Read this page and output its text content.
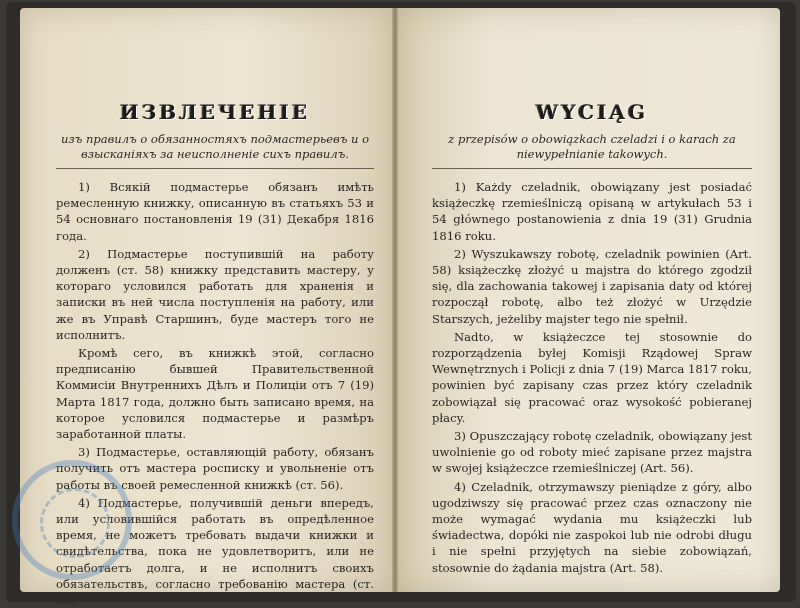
ИЗВЛЕЧЕНІЕ
изъ правилъ о обязанностяхъ подмастерьевъ и о взысканіяхъ за неисполненіе сихъ правилъ.

1) Всякій подмастерье обязанъ имѣть ремесленную книжку, описанную въ статьяхъ 53 и 54 основнаго постановленія 19 (31) Декабря 1816 года.

2) Подмастерье поступившій на работу долженъ (ст. 58) книжку представить мастеру, у котораго условился работать для храненія и записки въ ней числа поступленія на работу, или же въ Управѣ Старшинъ, буде мастеръ того не исполнитъ.

Кромѣ сего, въ книжкѣ этой, согласно предписанію бывшей Правительственной Коммисіи Внутреннихъ Дѣлъ и Полиціи отъ 7 (19) Марта 1817 года, должно быть записано время, на которое условился подмастерье и размѣръ заработанной платы.

3) Подмастерье, оставляющій работу, обязанъ получить отъ мастера росписку и увольненіе отъ работы въ своей ремесленной книжкѣ (ст. 56).

4) Подмастерье, получившій деньги впередъ, или условившійся работать въ опредѣленное время, не можетъ требовать выдачи книжки и свидѣтельства, пока не удовлетворитъ, или не отработаетъ долга, и не исполнитъ своихъ обязательствъ, согласно требованію мастера (ст. 58).

WYCIĄG
z przepisów o obowiązkach czeladzi i o karach za niewypełnianie takowych.

1) Każdy czeladnik, obowiązany jest posiadać książeczkę rzemieślniczą opisaną w artykułach 53 i 54 głównego postanowienia z dnia 19 (31) Grudnia 1816 roku.

2) Wyszukawszy robotę, czeladnik powinien (Art. 58) książeczkę złożyć u majstra do którego zgodził się, dla zachowania takowej i zapisania daty od której rozpoczął robotę, albo też złożyć w Urzędzie Starszych, jeżeliby majster tego nie spełnił.

Nadto, w książeczce tej stosownie do rozporządzenia byłej Komisji Rządowej Spraw Wewnętrznych i Policji z dnia 7 (19) Marca 1817 roku, powinien być zapisany czas przez który czeladnik zobowiązał się pracować oraz wysokość pobieranej płacy.

3) Opuszczający robotę czeladnik, obowiązany jest uwolnienie go od roboty mieć zapisane przez majstra w swojej książeczce rzemieślniczej (Art. 56).

4) Czeladnik, otrzymawszy pieniądze z góry, albo ugodziwszy się pracować przez czas oznaczony nie może wymagać wydania mu książeczki lub świadectwa, dopóki nie zaspokoi lub nie odrobi długu i nie spełni przyjętych na siebie zobowiązań, stosownie do żądania majstra (Art. 58).
